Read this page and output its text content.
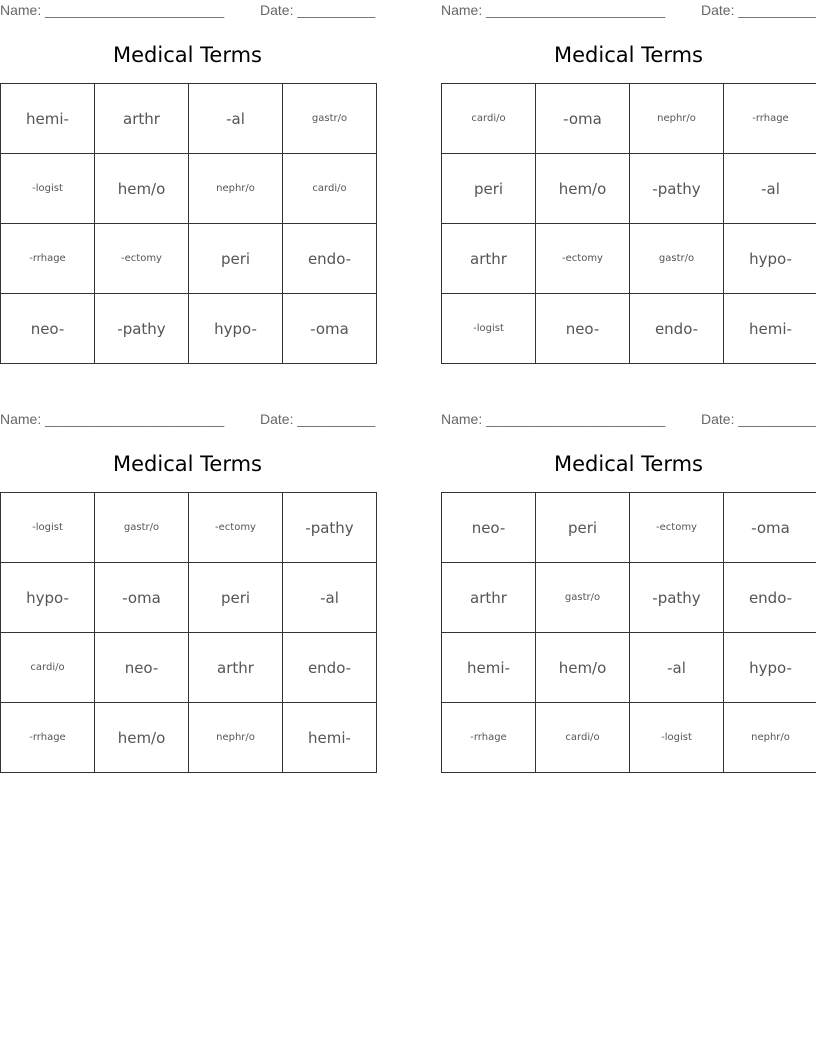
Name: _______________________	Date: __________
Medical Terms
hemi-	arthr	-al	gastr/o
-logist	hem/o	nephr/o	cardi/o
-rrhage	-ectomy	peri	endo-
neo-	-pathy	hypo-	-oma
Name: _______________________	Date: __________
Medical Terms
cardi/o	-oma	nephr/o	-rrhage
peri	hem/o	-pathy	-al
arthr	-ectomy	gastr/o	hypo-
-logist	neo-	endo-	hemi-
Name: _______________________	Date: __________
Medical Terms
-logist	gastr/o	-ectomy	-pathy
hypo-	-oma	peri	-al
cardi/o	neo-	arthr	endo-
-rrhage	hem/o	nephr/o	hemi-
Name: _______________________	Date: __________
Medical Terms
neo-	peri	-ectomy	-oma
arthr	gastr/o	-pathy	endo-
hemi-	hem/o	-al	hypo-
-rrhage	cardi/o	-logist	nephr/o
